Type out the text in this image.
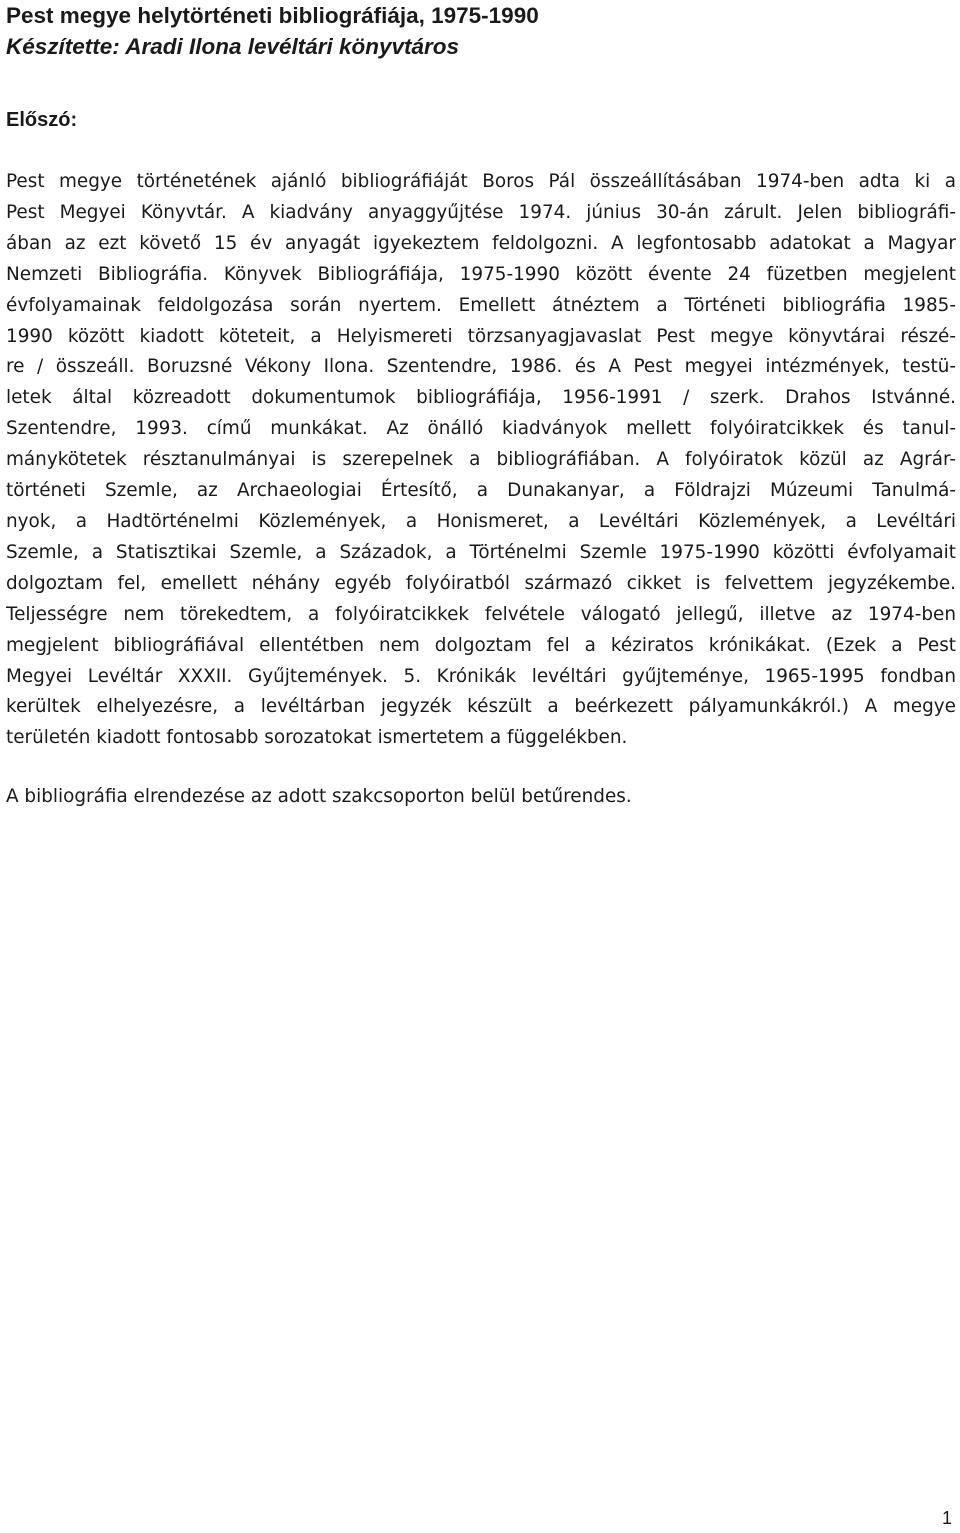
Pest megye helytörténeti bibliográfiája, 1975-1990
Készítette: Aradi Ilona levéltári könyvtáros
Előszó:

Pest megye történetének ajánló bibliográfiáját Boros Pál összeállításában 1974-ben adta ki a
Pest Megyei Könyvtár. A kiadvány anyaggyűjtése 1974. június 30-án zárult. Jelen bibliográfi-
ában az ezt követő 15 év anyagát igyekeztem feldolgozni. A legfontosabb adatokat a Magyar
Nemzeti Bibliográfia. Könyvek Bibliográfiája, 1975-1990 között évente 24 füzetben megjelent
évfolyamainak feldolgozása során nyertem. Emellett átnéztem a Történeti bibliográfia 1985-
1990 között kiadott köteteit, a Helyismereti törzsanyagjavaslat Pest megye könyvtárai részé-
re / összeáll. Boruzsné Vékony Ilona. Szentendre, 1986. és A Pest megyei intézmények, testü-
letek által közreadott dokumentumok bibliográfiája, 1956-1991 / szerk. Drahos Istvánné.
Szentendre, 1993. című munkákat. Az önálló kiadványok mellett folyóiratcikkek és tanul-
mánykötetek résztanulmányai is szerepelnek a bibliográfiában. A folyóiratok közül az Agrár-
történeti Szemle, az Archaeologiai Értesítő, a Dunakanyar, a Földrajzi Múzeumi Tanulmá-
nyok, a Hadtörténelmi Közlemények, a Honismeret, a Levéltári Közlemények, a Levéltári
Szemle, a Statisztikai Szemle, a Századok, a Történelmi Szemle 1975-1990 közötti évfolyamait
dolgoztam fel, emellett néhány egyéb folyóiratból származó cikket is felvettem jegyzékembe.
Teljességre nem törekedtem, a folyóiratcikkek felvétele válogató jellegű, illetve az 1974-ben
megjelent bibliográfiával ellentétben nem dolgoztam fel a kéziratos krónikákat. (Ezek a Pest
Megyei Levéltár XXXII. Gyűjtemények. 5. Krónikák levéltári gyűjteménye, 1965-1995 fondban
kerültek elhelyezésre, a levéltárban jegyzék készült a beérkezett pályamunkákról.) A megye
területén kiadott fontosabb sorozatokat ismertetem a függelékben.

A bibliográfia elrendezése az adott szakcsoporton belül betűrendes.

1
